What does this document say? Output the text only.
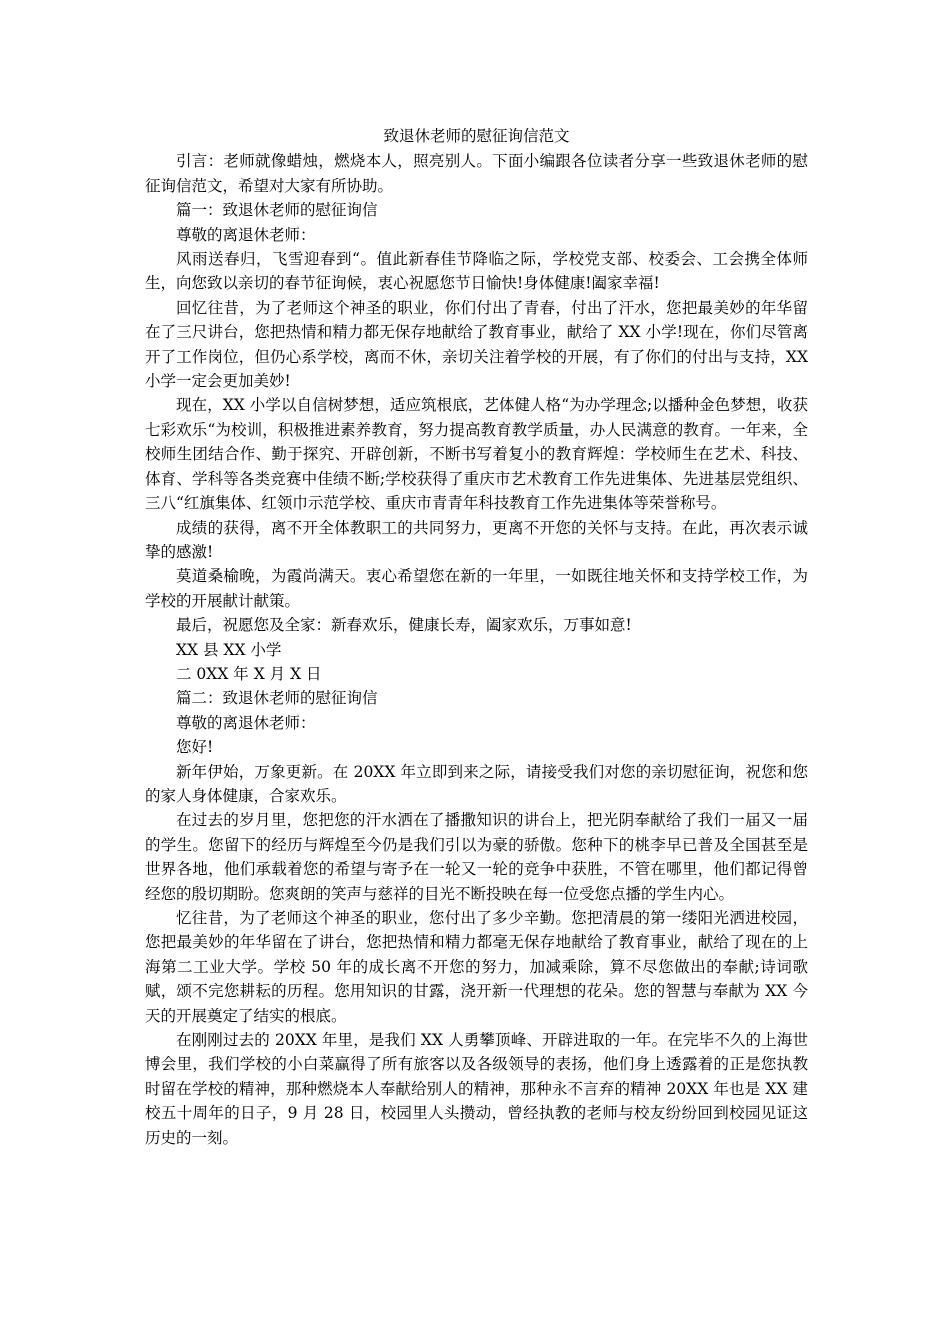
致退休老师的慰征询信范文

引言：老师就像蜡烛，燃烧本人，照亮别人。下面小编跟各位读者分享一些致退休老师的慰征询信范文，希望对大家有所协助。

篇一：致退休老师的慰征询信

尊敬的离退休老师：

风雨送春归，飞雪迎春到“。值此新春佳节降临之际，学校党支部、校委会、工会携全体师生，向您致以亲切的春节征询候，衷心祝愿您节日愉快!身体健康!阖家幸福!

回忆往昔，为了老师这个神圣的职业，你们付出了青春，付出了汗水，您把最美妙的年华留在了三尺讲台，您把热情和精力都无保存地献给了教育事业，献给了 XX 小学!现在，你们尽管离开了工作岗位，但仍心系学校，离而不休，亲切关注着学校的开展，有了你们的付出与支持，XX 小学一定会更加美妙!

现在，XX 小学以自信树梦想，适应筑根底，艺体健人格“为办学理念;以播种金色梦想，收获七彩欢乐“为校训，积极推进素养教育，努力提高教育教学质量，办人民满意的教育。一年来，全校师生团结合作、勤于探究、开辟创新，不断书写着复小的教育辉煌：学校师生在艺术、科技、体育、学科等各类竞赛中佳绩不断;学校获得了重庆市艺术教育工作先进集体、先进基层党组织、三八“红旗集体、红领巾示范学校、重庆市青青年科技教育工作先进集体等荣誉称号。

成绩的获得，离不开全体教职工的共同努力，更离不开您的关怀与支持。在此，再次表示诚挚的感激!

莫道桑榆晚，为霞尚满天。衷心希望您在新的一年里，一如既往地关怀和支持学校工作，为学校的开展献计献策。

最后，祝愿您及全家：新春欢乐，健康长寿，阖家欢乐，万事如意!

XX 县 XX 小学

二 0XX 年 X 月 X 日

篇二：致退休老师的慰征询信

尊敬的离退休老师：

您好!

新年伊始，万象更新。在 20XX 年立即到来之际，请接受我们对您的亲切慰征询，祝您和您的家人身体健康，合家欢乐。

在过去的岁月里，您把您的汗水洒在了播撒知识的讲台上，把光阴奉献给了我们一届又一届的学生。您留下的经历与辉煌至今仍是我们引以为豪的骄傲。您种下的桃李早已普及全国甚至是世界各地，他们承载着您的希望与寄予在一轮又一轮的竞争中获胜，不管在哪里，他们都记得曾经您的殷切期盼。您爽朗的笑声与慈祥的目光不断投映在每一位受您点播的学生内心。

忆往昔，为了老师这个神圣的职业，您付出了多少辛勤。您把清晨的第一缕阳光洒进校园，您把最美妙的年华留在了讲台，您把热情和精力都毫无保存地献给了教育事业，献给了现在的上海第二工业大学。学校 50 年的成长离不开您的努力，加减乘除，算不尽您做出的奉献;诗词歌赋，颂不完您耕耘的历程。您用知识的甘露，浇开新一代理想的花朵。您的智慧与奉献为 XX 今天的开展奠定了结实的根底。

在刚刚过去的 20XX 年里，是我们 XX 人勇攀顶峰、开辟进取的一年。在完毕不久的上海世博会里，我们学校的小白菜赢得了所有旅客以及各级领导的表扬，他们身上透露着的正是您执教时留在学校的精神，那种燃烧本人奉献给别人的精神，那种永不言弃的精神 20XX 年也是 XX 建校五十周年的日子，9 月 28 日，校园里人头攒动，曾经执教的老师与校友纷纷回到校园见证这历史的一刻。
